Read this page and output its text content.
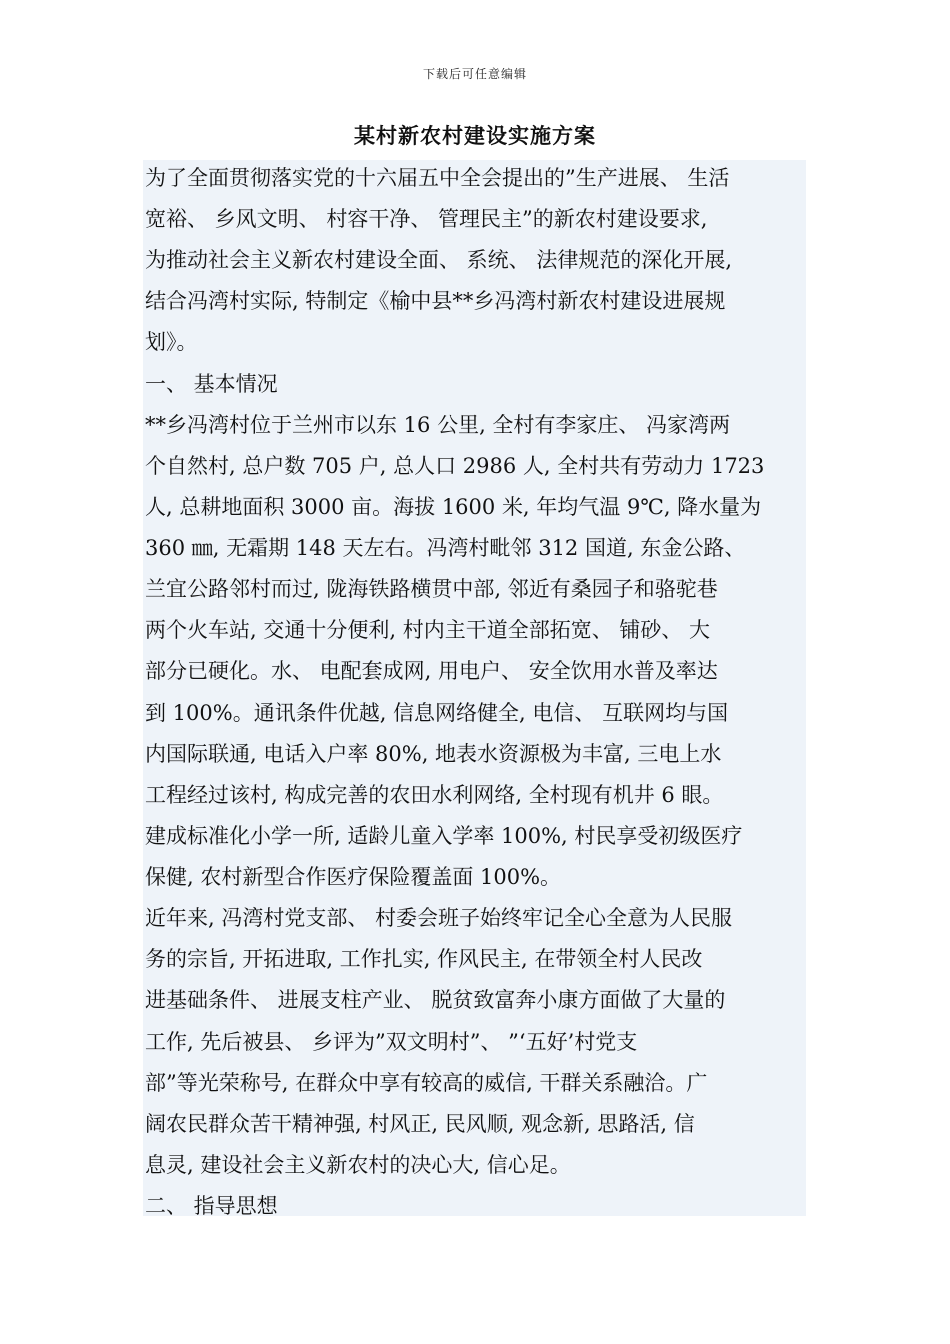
下载后可任意编辑
某村新农村建设实施方案

为了全面贯彻落实党的十六届五中全会提出的”生产进展、 生活

宽裕、 乡风文明、 村容干净、 管理民主”的新农村建设要求,

为推动社会主义新农村建设全面、 系统、 法律规范的深化开展,

结合冯湾村实际, 特制定《榆中县**乡冯湾村新农村建设进展规

划》。

一、 基本情况

**乡冯湾村位于兰州市以东 16 公里, 全村有李家庄、 冯家湾两

个自然村, 总户数 705 户, 总人口 2986 人, 全村共有劳动力 1723

人, 总耕地面积 3000 亩。海拔 1600 米, 年均气温 9℃, 降水量为

360 ㎜, 无霜期 148 天左右。冯湾村毗邻 312 国道, 东金公路、

兰宜公路邻村而过, 陇海铁路横贯中部, 邻近有桑园子和骆驼巷

两个火车站, 交通十分便利, 村内主干道全部拓宽、 铺砂、 大

部分已硬化。水、 电配套成网, 用电户、 安全饮用水普及率达

到 100%。通讯条件优越, 信息网络健全, 电信、 互联网均与国

内国际联通, 电话入户率 80%, 地表水资源极为丰富, 三电上水

工程经过该村, 构成完善的农田水利网络, 全村现有机井 6 眼。

建成标准化小学一所, 适龄儿童入学率 100%, 村民享受初级医疗

保健, 农村新型合作医疗保险覆盖面 100%。

近年来, 冯湾村党支部、 村委会班子始终牢记全心全意为人民服

务的宗旨, 开拓进取, 工作扎实, 作风民主, 在带领全村人民改

进基础条件、 进展支柱产业、 脱贫致富奔小康方面做了大量的

工作, 先后被县、 乡评为”双文明村”、 ”‘五好’村党支

部”等光荣称号, 在群众中享有较高的威信, 干群关系融洽。广

阔农民群众苦干精神强, 村风正, 民风顺, 观念新, 思路活, 信

息灵, 建设社会主义新农村的决心大, 信心足。

二、 指导思想
